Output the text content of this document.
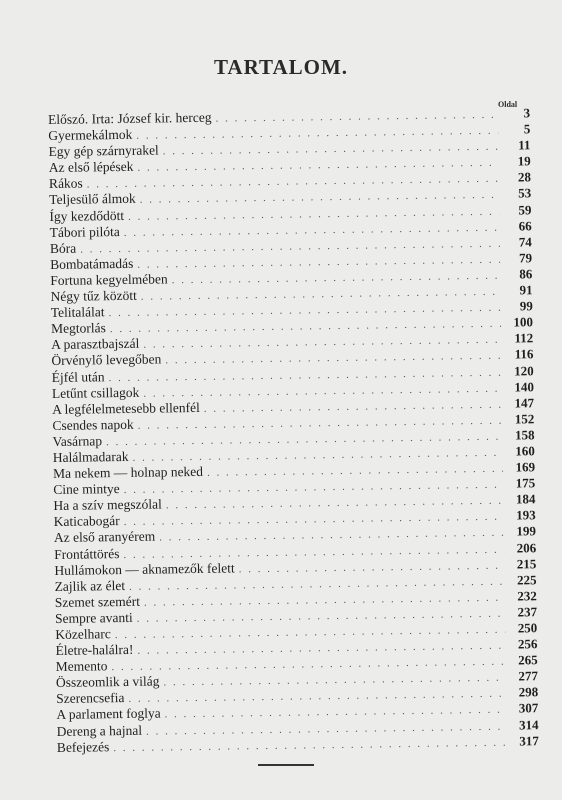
TARTALOM.
Oldal
Előszó. Irta: József kir. herceg . . .	3
Gyermekálmok . . .	5
Egy gép szárnyrakel . . .	11
Az első lépések . . .	19
Rákos . . .	28
Teljesülő álmok . . .	53
Így kezdődött . . .	59
Tábori pilóta . . .	66
Bóra . . .	74
Bombatámadás . . .	79
Fortuna kegyelmében . . .	86
Négy tűz között . . .	91
Telitalálat . . .	99
Megtorlás . . .	100
A parasztbajszál . . .	112
Örvénylő levegőben . . .	116
Éjfél után . . .	120
Letűnt csillagok . . .	140
A legfélelmetesebb ellenfél . . .	147
Csendes napok . . .	152
Vasárnap . . .	158
Halálmadarak . . .	160
Ma nekem — holnap neked . . .	169
Cine mintye . . .	175
Ha a szív megszólal . . .	184
Katicabogár . . .	193
Az első aranyérem . . .	199
Frontáttörés . . .	206
Hullámokon — aknamezők felett . . .	215
Zajlik az élet . . .	225
Szemet szemért . . .	232
Sempre avanti . . .	237
Közelharc . . .	250
Életre-halálra! . . .	256
Memento . . .	265
Összeomlik a világ . . .	277
Szerencsefia . . .	298
A parlament foglya . . .	307
Dereng a hajnal . . .	314
Befejezés . . .	317
